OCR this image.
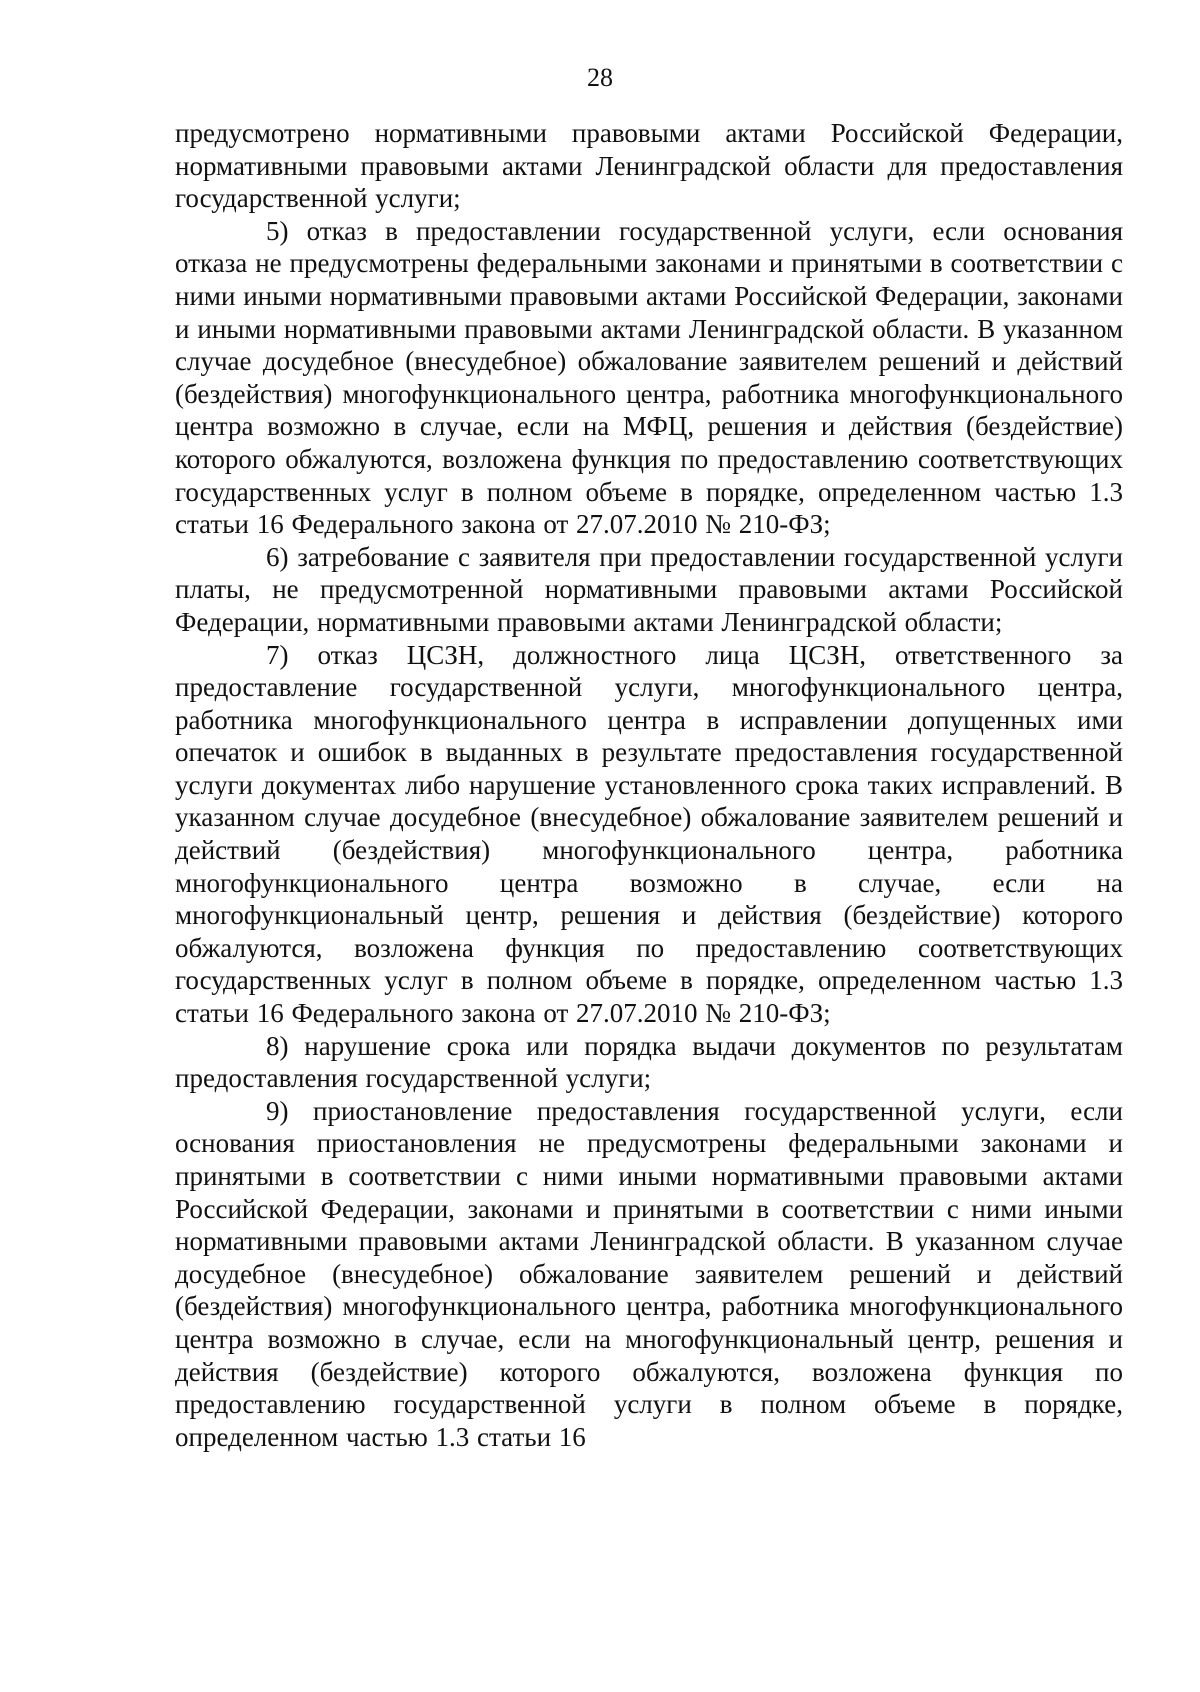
28

предусмотрено нормативными правовыми актами Российской Федерации, нормативными правовыми актами Ленинградской области для предоставления государственной услуги;

5) отказ в предоставлении государственной услуги, если основания отказа не предусмотрены федеральными законами и принятыми в соответствии с ними иными нормативными правовыми актами Российской Федерации, законами и иными нормативными правовыми актами Ленинградской области. В указанном случае досудебное (внесудебное) обжалование заявителем решений и действий (бездействия) многофункционального центра, работника многофункционального центра возможно в случае, если на МФЦ, решения и действия (бездействие) которого обжалуются, возложена функция по предоставлению соответствующих государственных услуг в полном объеме в порядке, определенном частью 1.3 статьи 16 Федерального закона от 27.07.2010 № 210-ФЗ;

6) затребование с заявителя при предоставлении государственной услуги платы, не предусмотренной нормативными правовыми актами Российской Федерации, нормативными правовыми актами Ленинградской области;

7) отказ ЦСЗН, должностного лица ЦСЗН, ответственного за предоставление государственной услуги, многофункционального центра, работника многофункционального центра в исправлении допущенных ими опечаток и ошибок в выданных в результате предоставления государственной услуги документах либо нарушение установленного срока таких исправлений. В указанном случае досудебное (внесудебное) обжалование заявителем решений и действий (бездействия) многофункционального центра, работника многофункционального центра возможно в случае, если на многофункциональный центр, решения и действия (бездействие) которого обжалуются, возложена функция по предоставлению соответствующих государственных услуг в полном объеме в порядке, определенном частью 1.3 статьи 16 Федерального закона от 27.07.2010 № 210-ФЗ;

8) нарушение срока или порядка выдачи документов по результатам предоставления государственной услуги;

9) приостановление предоставления государственной услуги, если основания приостановления не предусмотрены федеральными законами и принятыми в соответствии с ними иными нормативными правовыми актами Российской Федерации, законами и принятыми в соответствии с ними иными нормативными правовыми актами Ленинградской области. В указанном случае досудебное (внесудебное) обжалование заявителем решений и действий (бездействия) многофункционального центра, работника многофункционального центра возможно в случае, если на многофункциональный центр, решения и действия (бездействие) которого обжалуются, возложена функция по предоставлению государственной услуги в полном объеме в порядке, определенном частью 1.3 статьи 16
